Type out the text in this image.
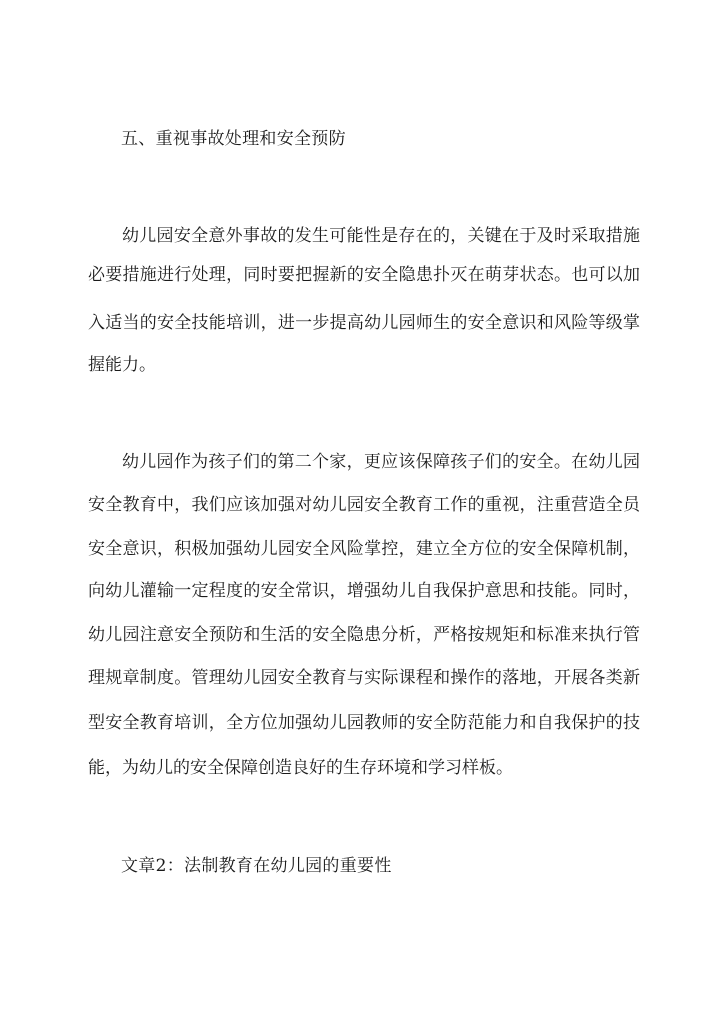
五、重视事故处理和安全预防
幼儿园安全意外事故的发生可能性是存在的，关键在于及时采取措施
必要措施进行处理，同时要把握新的安全隐患扑灭在萌芽状态。也可以加
入适当的安全技能培训，进一步提高幼儿园师生的安全意识和风险等级掌
握能力。
幼儿园作为孩子们的第二个家，更应该保障孩子们的安全。在幼儿园
安全教育中，我们应该加强对幼儿园安全教育工作的重视，注重营造全员
安全意识，积极加强幼儿园安全风险掌控，建立全方位的安全保障机制，
向幼儿灌输一定程度的安全常识，增强幼儿自我保护意思和技能。同时，
幼儿园注意安全预防和生活的安全隐患分析，严格按规矩和标准来执行管
理规章制度。管理幼儿园安全教育与实际课程和操作的落地，开展各类新
型安全教育培训，全方位加强幼儿园教师的安全防范能力和自我保护的技
能，为幼儿的安全保障创造良好的生存环境和学习样板。
文章2：法制教育在幼儿园的重要性
